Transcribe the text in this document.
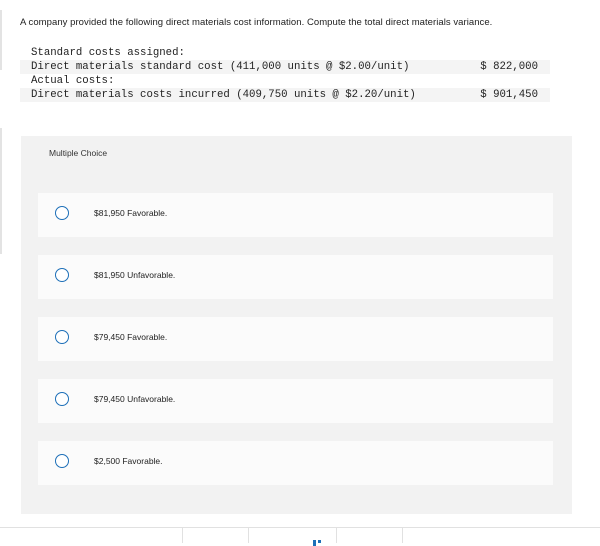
A company provided the following direct materials cost information. Compute the total direct materials variance.
Standard costs assigned:
Direct materials standard cost (411,000 units @ $2.00/unit)	$ 822,000
Actual costs:
Direct materials costs incurred (409,750 units @ $2.20/unit)	$ 901,450
Multiple Choice
$81,950 Favorable.
$81,950 Unfavorable.
$79,450 Favorable.
$79,450 Unfavorable.
$2,500 Favorable.
